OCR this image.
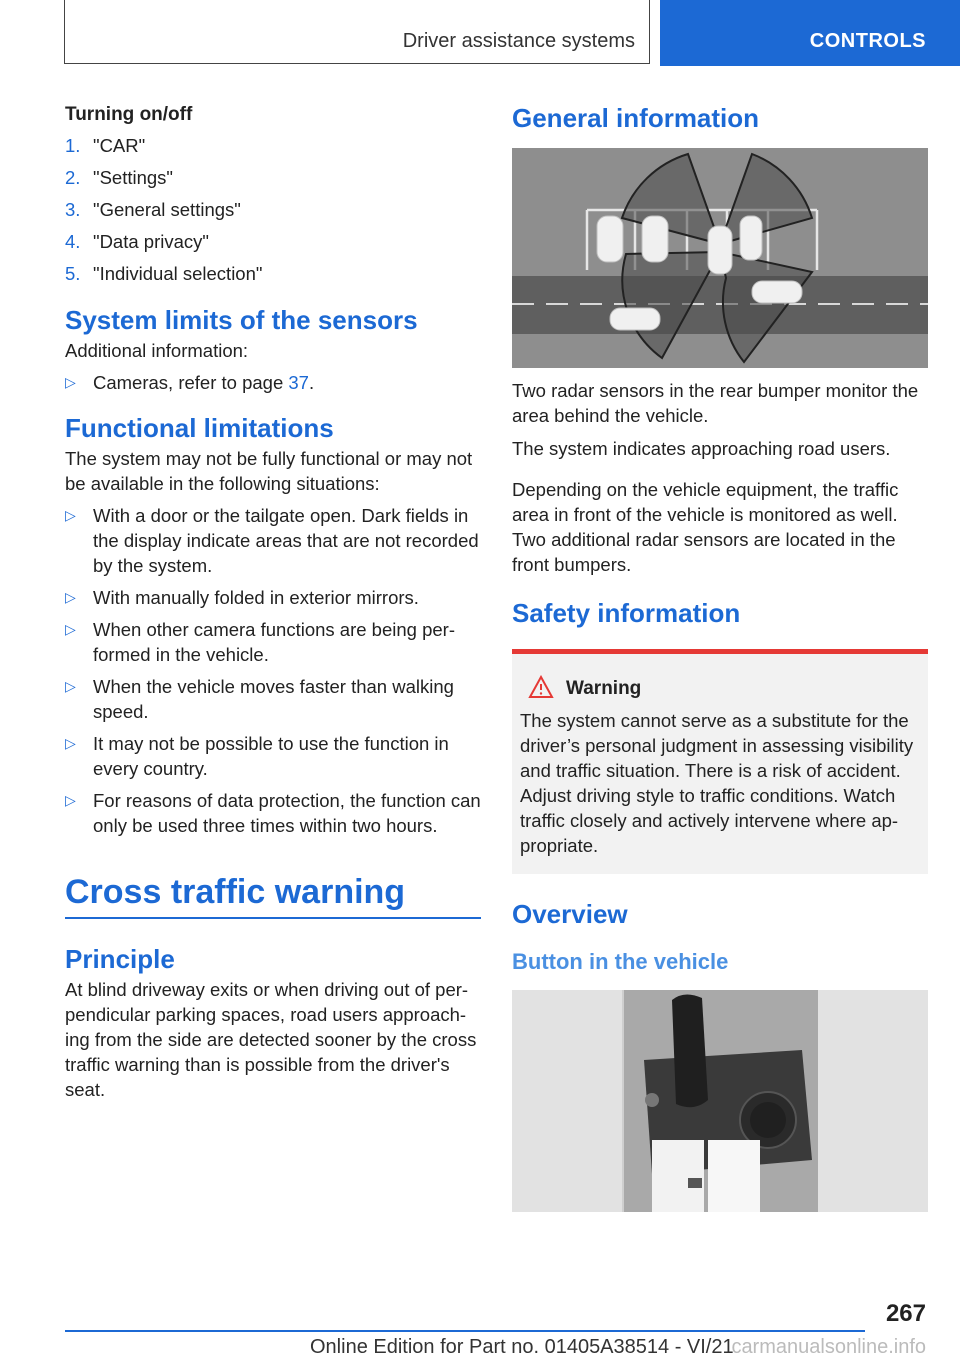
Driver assistance systems	CONTROLS
Turning on/off
1. "CAR"
2. "Settings"
3. "General settings"
4. "Data privacy"
5. "Individual selection"
System limits of the sensors
Additional information:
▷ Cameras, refer to page 37.
Functional limitations
The system may not be fully functional or may not be available in the following situations:
▷ With a door or the tailgate open. Dark fields in the display indicate areas that are not recorded by the system.
▷ With manually folded in exterior mirrors.
▷ When other camera functions are being performed in the vehicle.
▷ When the vehicle moves faster than walking speed.
▷ It may not be possible to use the function in every country.
▷ For reasons of data protection, the function can only be used three times within two hours.
Cross traffic warning
Principle
At blind driveway exits or when driving out of perpendicular parking spaces, road users approaching from the side are detected sooner by the cross traffic warning than is possible from the driver's seat.
General information
Two radar sensors in the rear bumper monitor the area behind the vehicle.
The system indicates approaching road users.
Depending on the vehicle equipment, the traffic area in front of the vehicle is monitored as well. Two additional radar sensors are located in the front bumpers.
Safety information
Warning
The system cannot serve as a substitute for the driver’s personal judgment in assessing visibility and traffic situation. There is a risk of accident. Adjust driving style to traffic conditions. Watch traffic closely and actively intervene where appropriate.
Overview
Button in the vehicle
267
Online Edition for Part no. 01405A38514 - VI/21
carmanualsonline.info
